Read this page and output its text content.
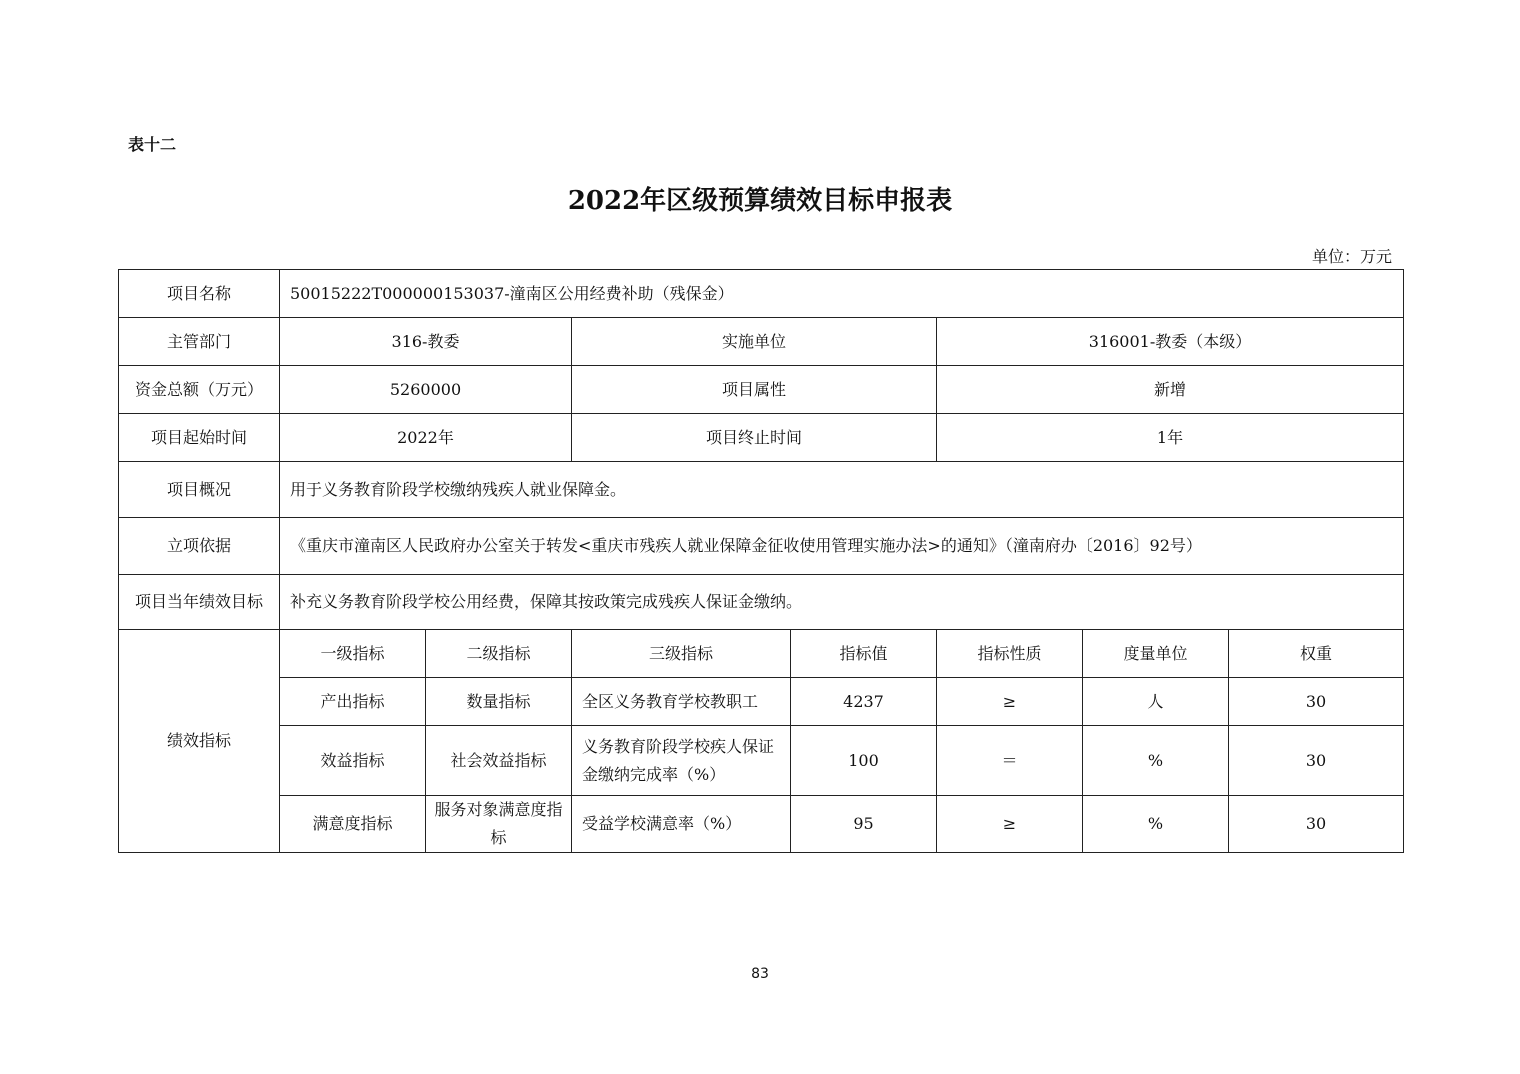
表十二
2022年区级预算绩效目标申报表
单位：万元
项目名称	50015222T000000153037-潼南区公用经费补助（残保金）						
主管部门	316-教委		实施单位		316001-教委（本级）		
资金总额（万元）	5260000		项目属性		新增		
项目起始时间	2022年		项目终止时间		1年		
项目概况	用于义务教育阶段学校缴纳残疾人就业保障金。						
立项依据	《重庆市潼南区人民政府办公室关于转发<重庆市残疾人就业保障金征收使用管理实施办法>的通知》（潼南府办〔2016〕92号）						
项目当年绩效目标	补充义务教育阶段学校公用经费，保障其按政策完成残疾人保证金缴纳。						
绩效指标	一级指标	二级指标	三级指标	指标值	指标性质	度量单位	权重
	产出指标	数量指标	全区义务教育学校教职工	4237	≥	人	30
	效益指标	社会效益指标	义务教育阶段学校疾人保证金缴纳完成率（%）	100	＝	%	30
	满意度指标	服务对象满意度指标	受益学校满意率（%）	95	≥	%	30
83
